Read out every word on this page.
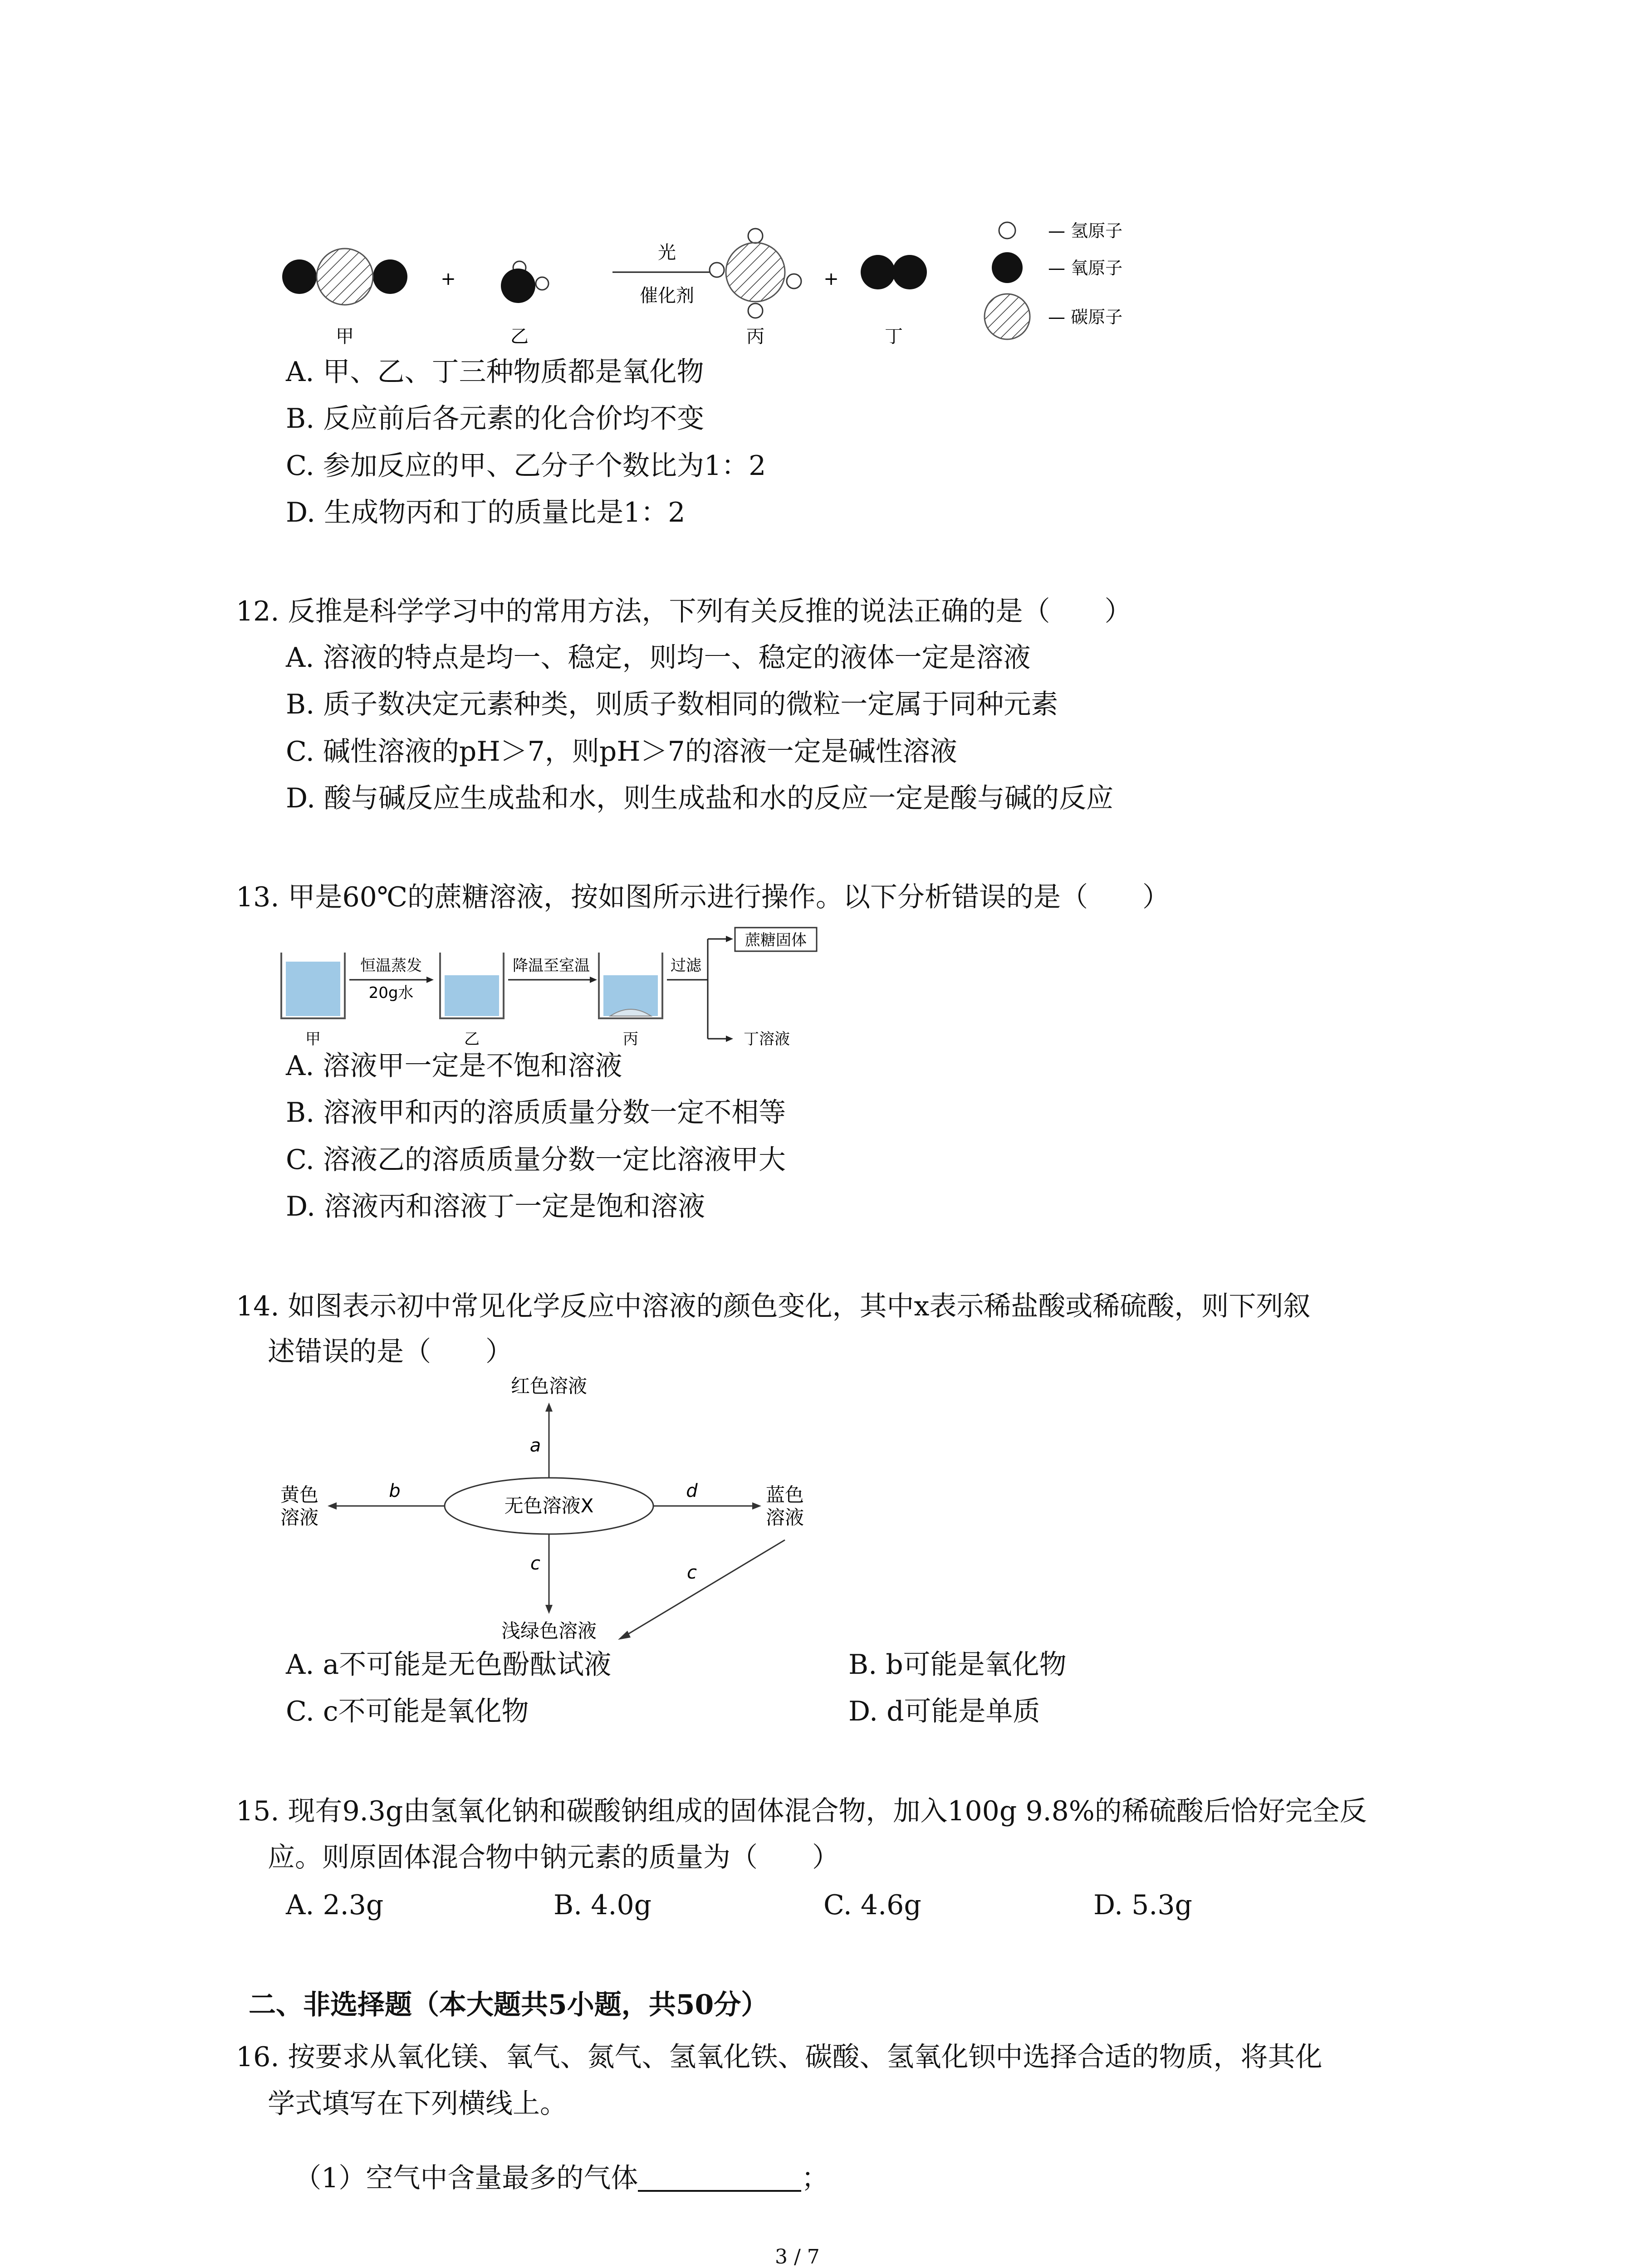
+
光
催化剂
+
甲	乙	丙	丁
— 氢原子
— 氧原子
— 碳原子
A. 甲、乙、丁三种物质都是氧化物
B. 反应前后各元素的化合价均不变
C. 参加反应的甲、乙分子个数比为1：2
D. 生成物丙和丁的质量比是1：2
12. 反推是科学学习中的常用方法，下列有关反推的说法正确的是（　　）
A. 溶液的特点是均一、稳定，则均一、稳定的液体一定是溶液
B. 质子数决定元素种类，则质子数相同的微粒一定属于同种元素
C. 碱性溶液的pH＞7，则pH＞7的溶液一定是碱性溶液
D. 酸与碱反应生成盐和水，则生成盐和水的反应一定是酸与碱的反应
13. 甲是60℃的蔗糖溶液，按如图所示进行操作。以下分析错误的是（　　）
恒温蒸发
20g水
降温至室温	过滤
蔗糖固体
丁溶液
甲	乙	丙
A. 溶液甲一定是不饱和溶液
B. 溶液甲和丙的溶质质量分数一定不相等
C. 溶液乙的溶质质量分数一定比溶液甲大
D. 溶液丙和溶液丁一定是饱和溶液
14. 如图表示初中常见化学反应中溶液的颜色变化，其中x表示稀盐酸或稀硫酸，则下列叙
述错误的是（　　）
无色溶液X
红色溶液
a
黄色
溶液
b	蓝色
溶液
d
浅绿色溶液
c	c
A. a不可能是无色酚酞试液	B. b可能是氧化物
C. c不可能是氧化物	D. d可能是单质
15. 现有9.3g由氢氧化钠和碳酸钠组成的固体混合物，加入100g 9.8%的稀硫酸后恰好完全反
应。则原固体混合物中钠元素的质量为（　　）
A. 2.3g	B. 4.0g	C. 4.6g	D. 5.3g
二、非选择题（本大题共5小题，共50分）
16. 按要求从氧化镁、氧气、氮气、氢氧化铁、碳酸、氢氧化钡中选择合适的物质，将其化
学式填写在下列横线上。

（1）空气中含量最多的气体	；

3 / 7
